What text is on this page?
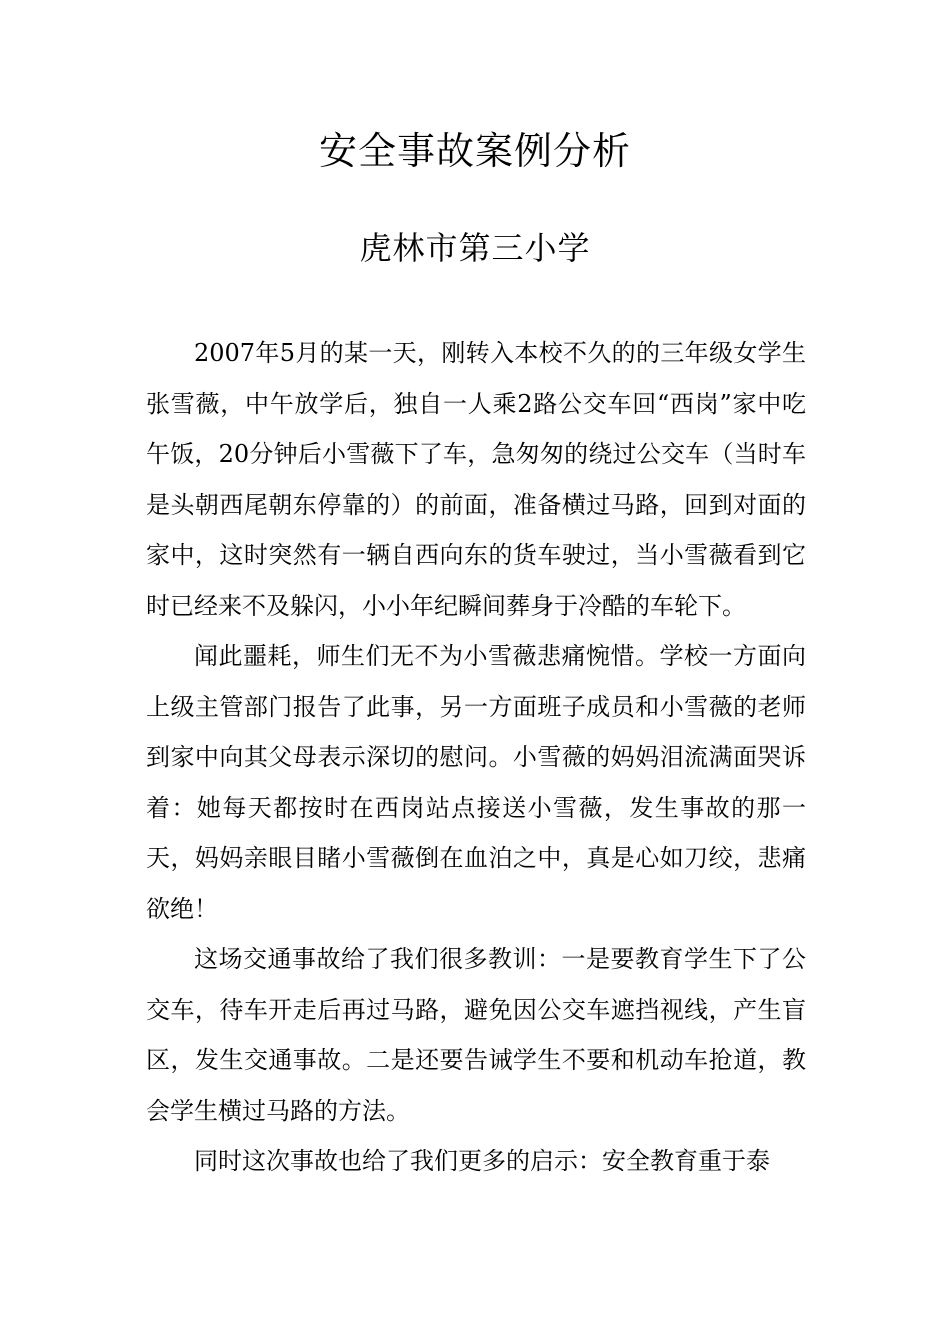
安全事故案例分析
虎林市第三小学

2007年5月的某一天，刚转入本校不久的的三年级女学生张雪薇，中午放学后，独自一人乘2路公交车回“西岗”家中吃午饭，20分钟后小雪薇下了车，急匆匆的绕过公交车（当时车是头朝西尾朝东停靠的）的前面，准备横过马路，回到对面的家中，这时突然有一辆自西向东的货车驶过，当小雪薇看到它时已经来不及躲闪，小小年纪瞬间葬身于冷酷的车轮下。

闻此噩耗，师生们无不为小雪薇悲痛惋惜。学校一方面向上级主管部门报告了此事，另一方面班子成员和小雪薇的老师到家中向其父母表示深切的慰问。小雪薇的妈妈泪流满面哭诉着：她每天都按时在西岗站点接送小雪薇，发生事故的那一天，妈妈亲眼目睹小雪薇倒在血泊之中，真是心如刀绞，悲痛欲绝！

这场交通事故给了我们很多教训：一是要教育学生下了公交车，待车开走后再过马路，避免因公交车遮挡视线，产生盲区，发生交通事故。二是还要告诫学生不要和机动车抢道，教会学生横过马路的方法。

同时这次事故也给了我们更多的启示：安全教育重于泰
